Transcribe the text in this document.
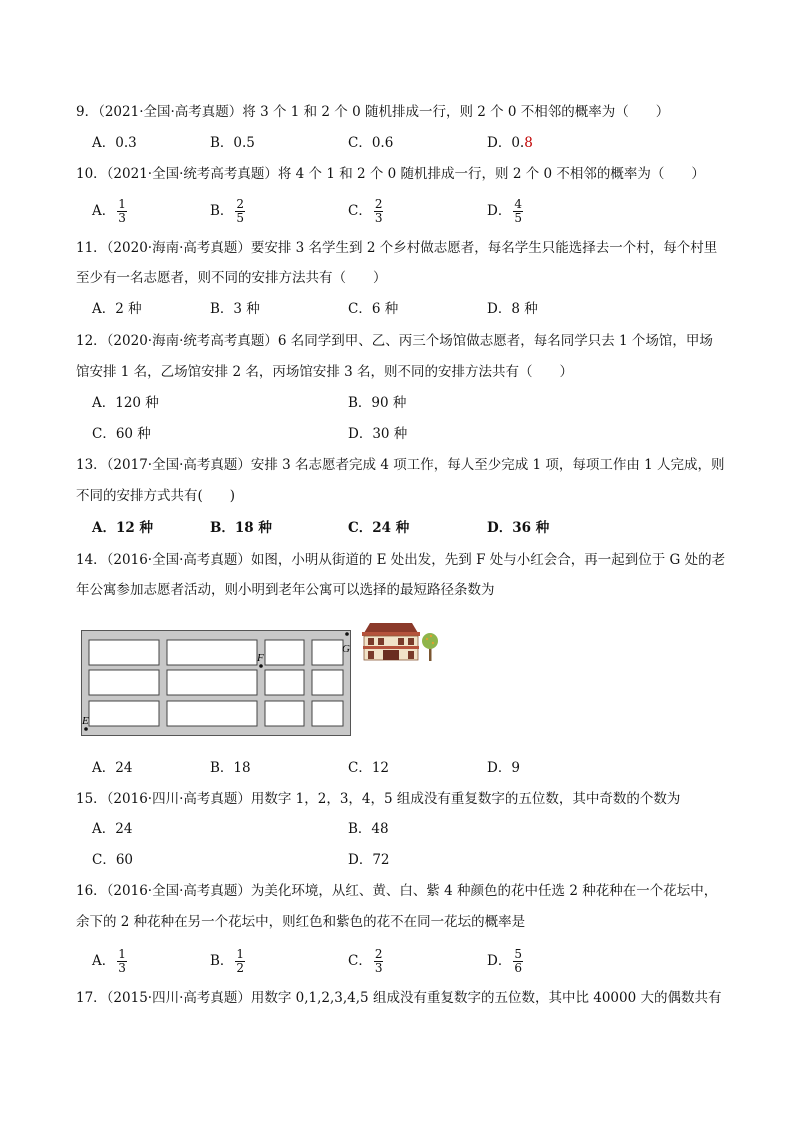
9．（2021·全国·高考真题）将 3 个 1 和 2 个 0 随机排成一行，则 2 个 0 不相邻的概率为（　　）
A．0.3	B．0.5	C．0.6	D．0.8
10．（2021·全国·统考高考真题）将 4 个 1 和 2 个 0 随机排成一行，则 2 个 0 不相邻的概率为（　　）
A． $\frac{1}{3}$	B． $\frac{2}{5}$	C． $\frac{2}{3}$	D． $\frac{4}{5}$
11．（2020·海南·高考真题）要安排 3 名学生到 2 个乡村做志愿者，每名学生只能选择去一个村，每个村里
至少有一名志愿者，则不同的安排方法共有（　　）
A．2 种	B．3 种	C．6 种	D．8 种
12．（2020·海南·统考高考真题）6 名同学到甲、乙、丙三个场馆做志愿者，每名同学只去 1 个场馆，甲场
馆安排 1 名，乙场馆安排 2 名，丙场馆安排 3 名，则不同的安排方法共有（　　）
A．120 种	B．90 种
C．60 种	D．30 种
13．（2017·全国·高考真题）安排 3 名志愿者完成 4 项工作，每人至少完成 1 项，每项工作由 1 人完成，则
不同的安排方式共有(　　)
A．12 种	B．18 种	C．24 种	D．36 种
14．（2016·全国·高考真题）如图，小明从街道的 E 处出发，先到 F 处与小红会合，再一起到位于 G 处的老
年公寓参加志愿者活动，则小明到老年公寓可以选择的最短路径条数为
E
F
G
A．24	B．18	C．12	D．9
15．（2016·四川·高考真题）用数字 1，2，3，4，5 组成没有重复数字的五位数，其中奇数的个数为
A．24	B．48
C．60	D．72
16．（2016·全国·高考真题）为美化环境，从红、黄、白、紫 4 种颜色的花中任选 2 种花种在一个花坛中，
余下的 2 种花种在另一个花坛中，则红色和紫色的花不在同一花坛的概率是
A． $\frac{1}{3}$	B． $\frac{1}{2}$	C． $\frac{2}{3}$	D． $\frac{5}{6}$
17．（2015·四川·高考真题）用数字 0,1,2,3,4,5 组成没有重复数字的五位数，其中比 40000 大的偶数共有
